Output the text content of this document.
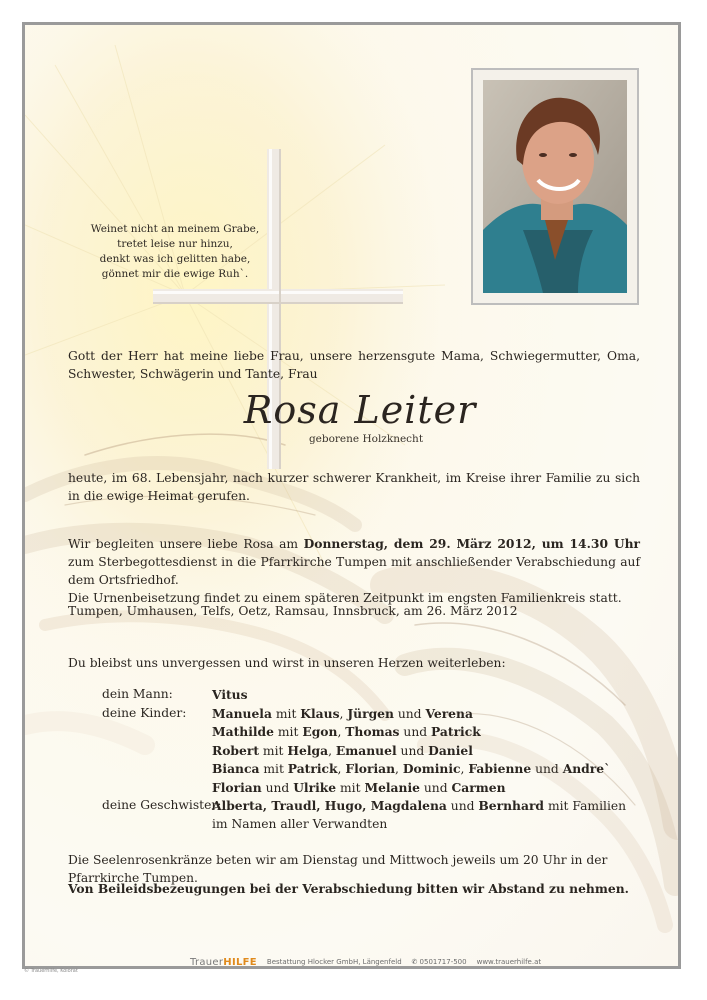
Weinet nicht an meinem Grabe,
tretet leise nur hinzu,
denkt was ich gelitten habe,
gönnet mir die ewige Ruh`.
Gott der Herr hat meine liebe Frau, unsere herzensgute Mama, Schwiegermutter, Oma, Schwester, Schwägerin und Tante, Frau
Rosa Leiter
geborene Holzknecht
heute, im 68. Lebensjahr, nach kurzer schwerer Krankheit, im Kreise ihrer Familie zu sich in die ewige Heimat gerufen.
Wir begleiten unsere liebe Rosa am Donnerstag, dem 29. März 2012, um 14.30 Uhr zum Sterbegottesdienst in die Pfarrkirche Tumpen mit anschließender Verabschiedung auf dem Ortsfriedhof.
Die Urnenbeisetzung findet zu einem späteren Zeitpunkt im engsten Familienkreis statt.
Tumpen, Umhausen, Telfs, Oetz, Ramsau, Innsbruck, am 26. März 2012
Du bleibst uns unvergessen und wirst in unseren Herzen weiterleben:
dein Mann:	Vitus
deine Kinder:	Manuela mit Klaus, Jürgen und Verena
Mathilde mit Egon, Thomas und Patrick
Robert mit Helga, Emanuel und Daniel
Bianca mit Patrick, Florian, Dominic, Fabienne und Andre`
Florian und Ulrike mit Melanie und Carmen
deine Geschwister:
Alberta, Traudl, Hugo, Magdalena und Bernhard mit Familien
im Namen aller Verwandten
Die Seelenrosenkränze beten wir am Dienstag und Mittwoch jeweils um 20 Uhr in der Pfarrkirche Tumpen.
Von Beileidsbezeugungen bei der Verabschiedung bitten wir Abstand zu nehmen.
TrauerHILFE Bestattung Hlocker GmbH, Längenfeld ✆ 0501717-500 www.trauerhilfe.at
© Trauerhilfe, Kolorat
